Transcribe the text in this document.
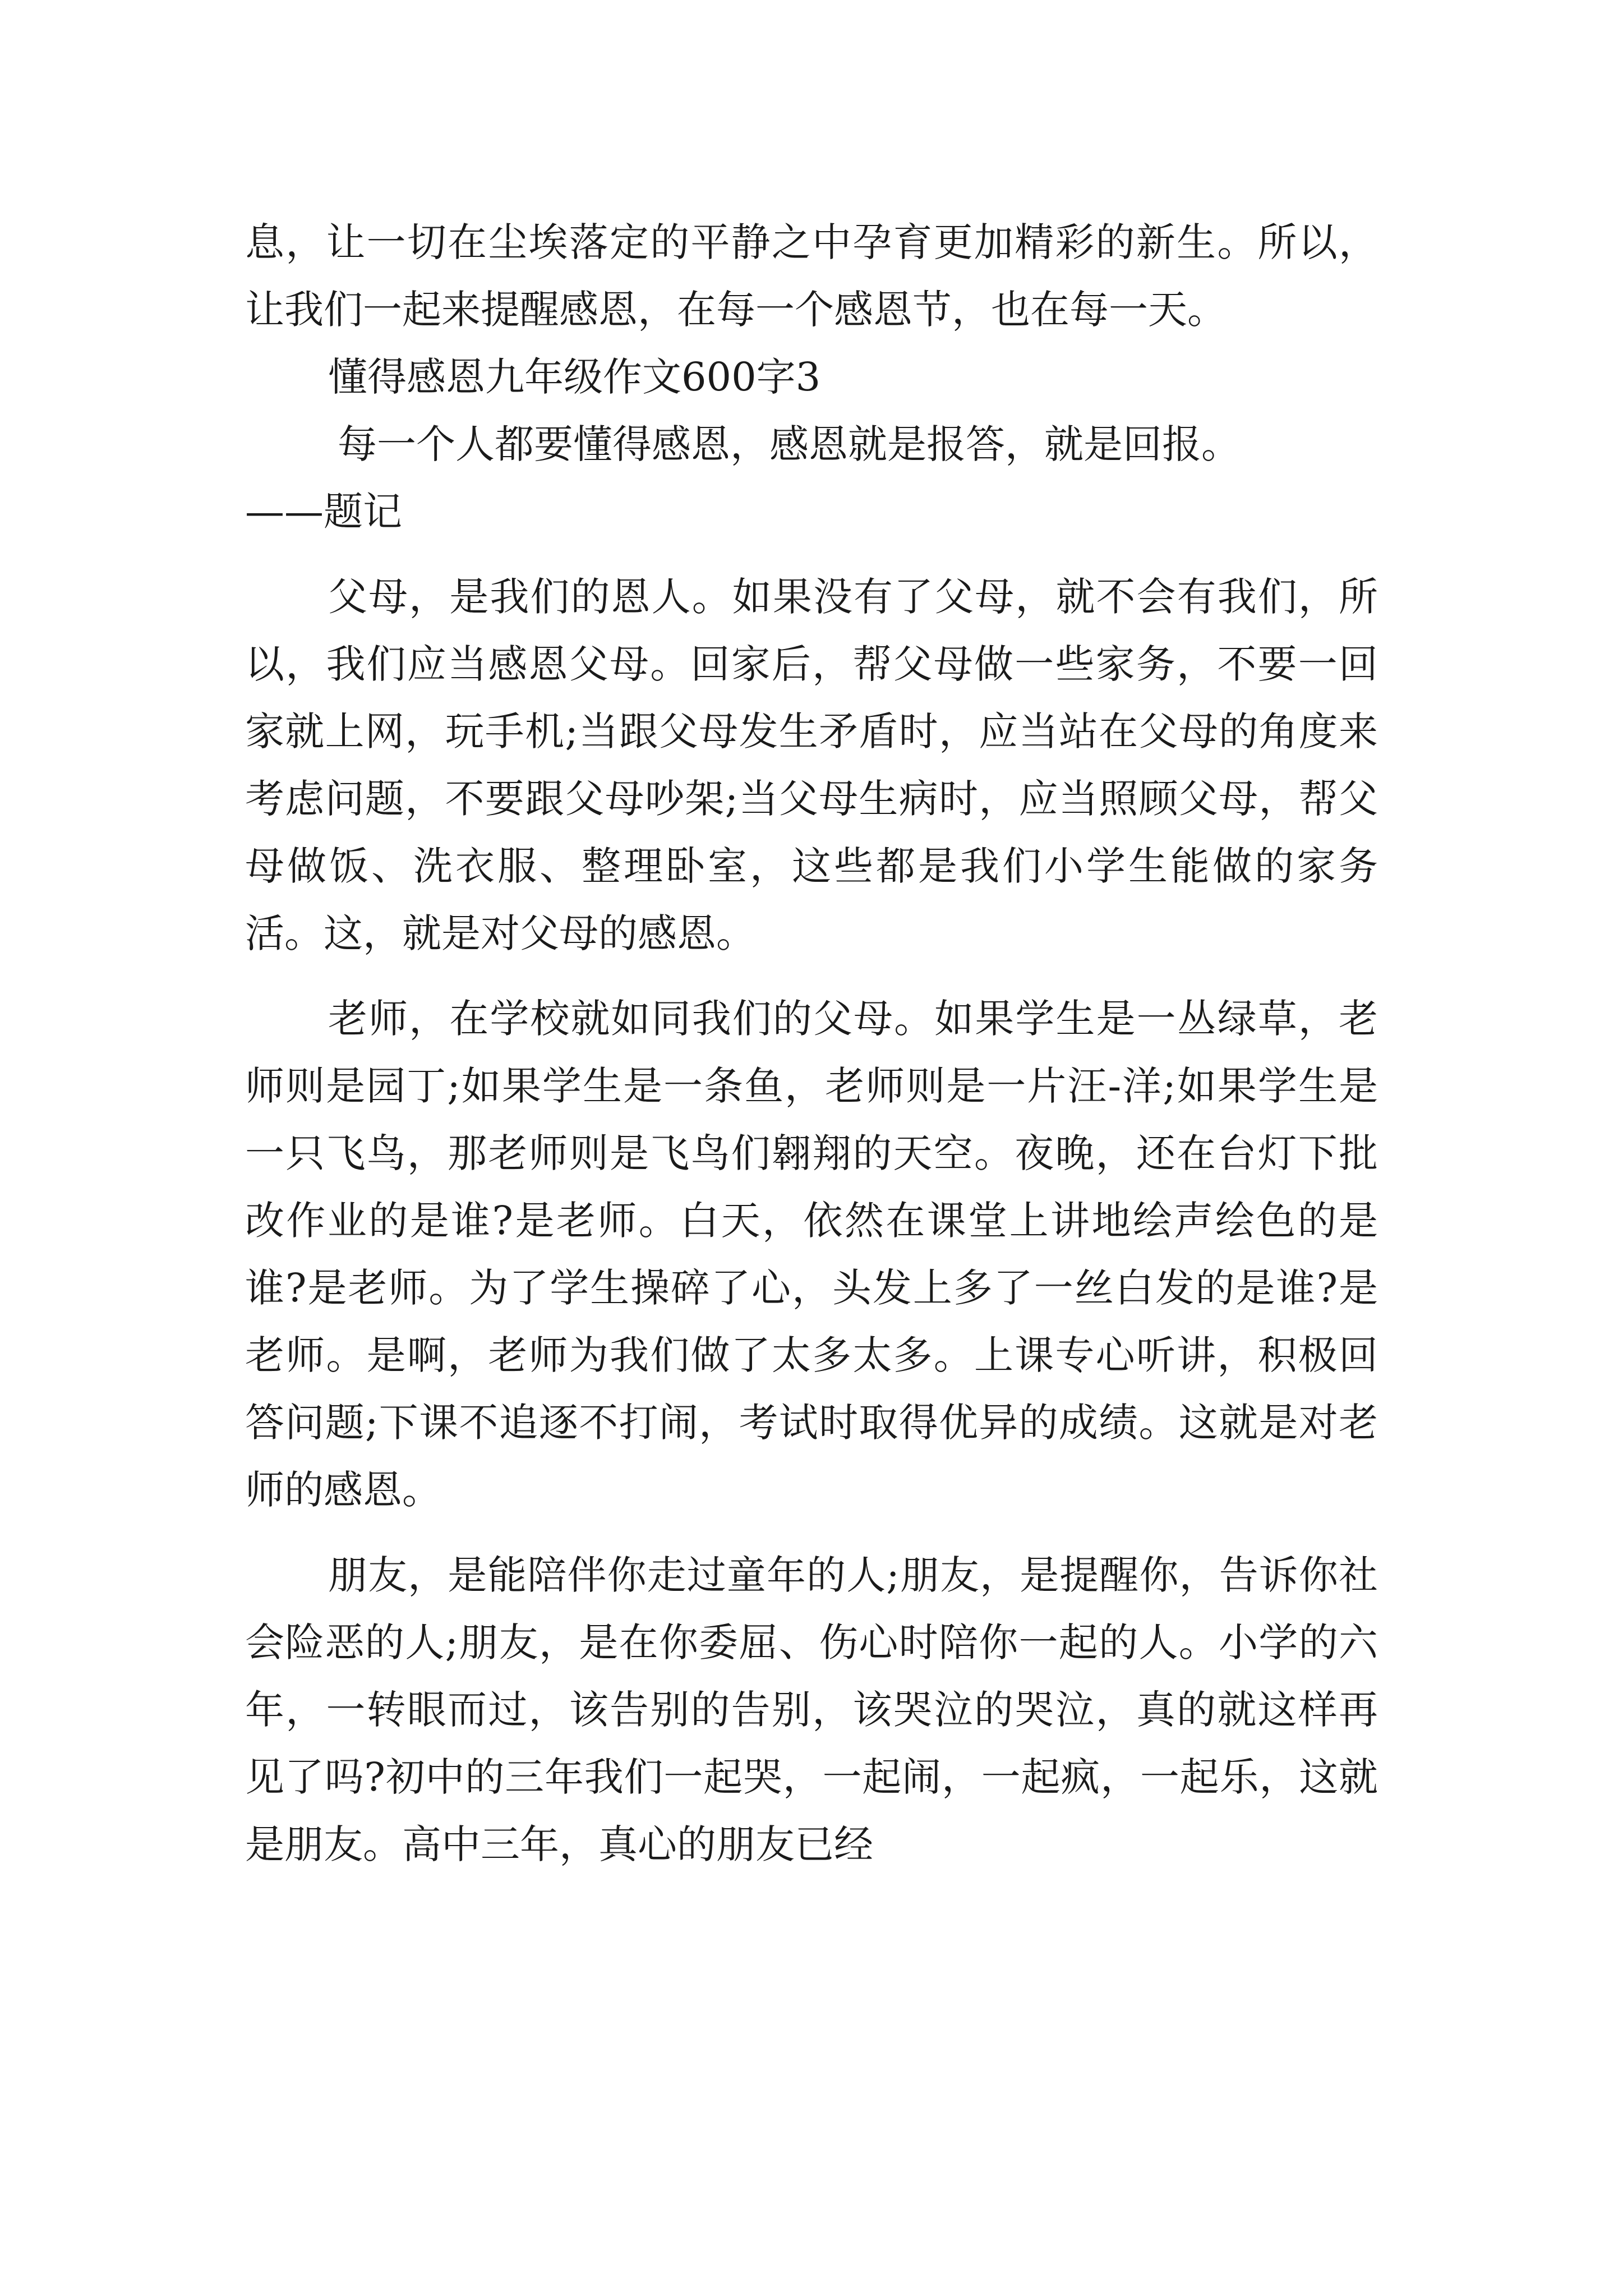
息，让一切在尘埃落定的平静之中孕育更加精彩的新生。所以，让我们一起来提醒感恩，在每一个感恩节，也在每一天。

懂得感恩九年级作文600字3

每一个人都要懂得感恩，感恩就是报答，就是回报。

——题记

父母，是我们的恩人。如果没有了父母，就不会有我们，所以，我们应当感恩父母。回家后，帮父母做一些家务，不要一回家就上网，玩手机;当跟父母发生矛盾时，应当站在父母的角度来考虑问题，不要跟父母吵架;当父母生病时，应当照顾父母，帮父母做饭、洗衣服、整理卧室，这些都是我们小学生能做的家务活。这，就是对父母的感恩。

老师，在学校就如同我们的父母。如果学生是一丛绿草，老师则是园丁;如果学生是一条鱼，老师则是一片汪-洋;如果学生是一只飞鸟，那老师则是飞鸟们翱翔的天空。夜晚，还在台灯下批改作业的是谁?是老师。白天，依然在课堂上讲地绘声绘色的是谁?是老师。为了学生操碎了心，头发上多了一丝白发的是谁?是老师。是啊，老师为我们做了太多太多。上课专心听讲，积极回答问题;下课不追逐不打闹，考试时取得优异的成绩。这就是对老师的感恩。

朋友，是能陪伴你走过童年的人;朋友，是提醒你，告诉你社会险恶的人;朋友，是在你委屈、伤心时陪你一起的人。小学的六年，一转眼而过，该告别的告别，该哭泣的哭泣，真的就这样再见了吗?初中的三年我们一起哭，一起闹，一起疯，一起乐，这就是朋友。高中三年，真心的朋友已经
